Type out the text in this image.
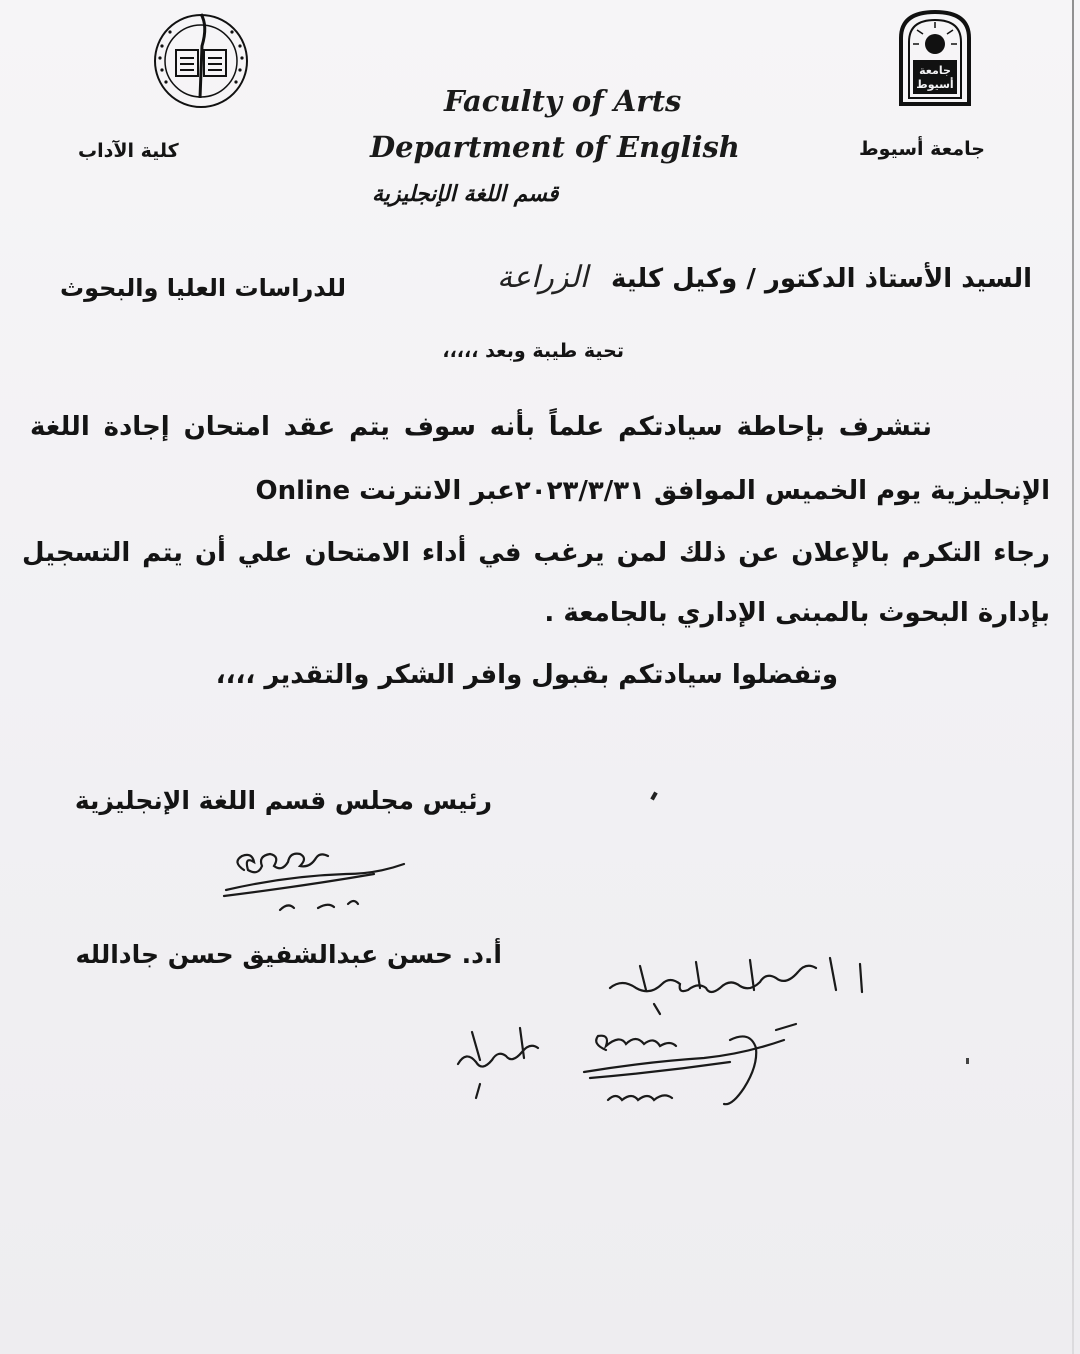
جامعة
أسيوط
جامعة أسيوط
كلية الآداب
Faculty of Arts
Department of English
قسم اللغة الإنجليزية
السيد الأستاذ الدكتور / وكيل كلية الزراعة
للدراسات العليا والبحوث
تحية طيبة وبعد ،،،،،
نتشرف بإحاطة سيادتكم علماً بأنه سوف يتم عقد امتحان إجادة اللغة
الإنجليزية يوم الخميس الموافق ٢٠٢٣/٣/٣١عبر الانترنت Online
رجاء التكرم بالإعلان عن ذلك لمن يرغب في أداء الامتحان علي أن يتم التسجيل
بإدارة البحوث بالمبنى الإداري بالجامعة .
وتفضلوا سيادتكم بقبول وافر الشكر والتقدير ،،،،
رئيس مجلس قسم اللغة الإنجليزية
أ.د. حسن عبدالشفيق حسن جادالله
